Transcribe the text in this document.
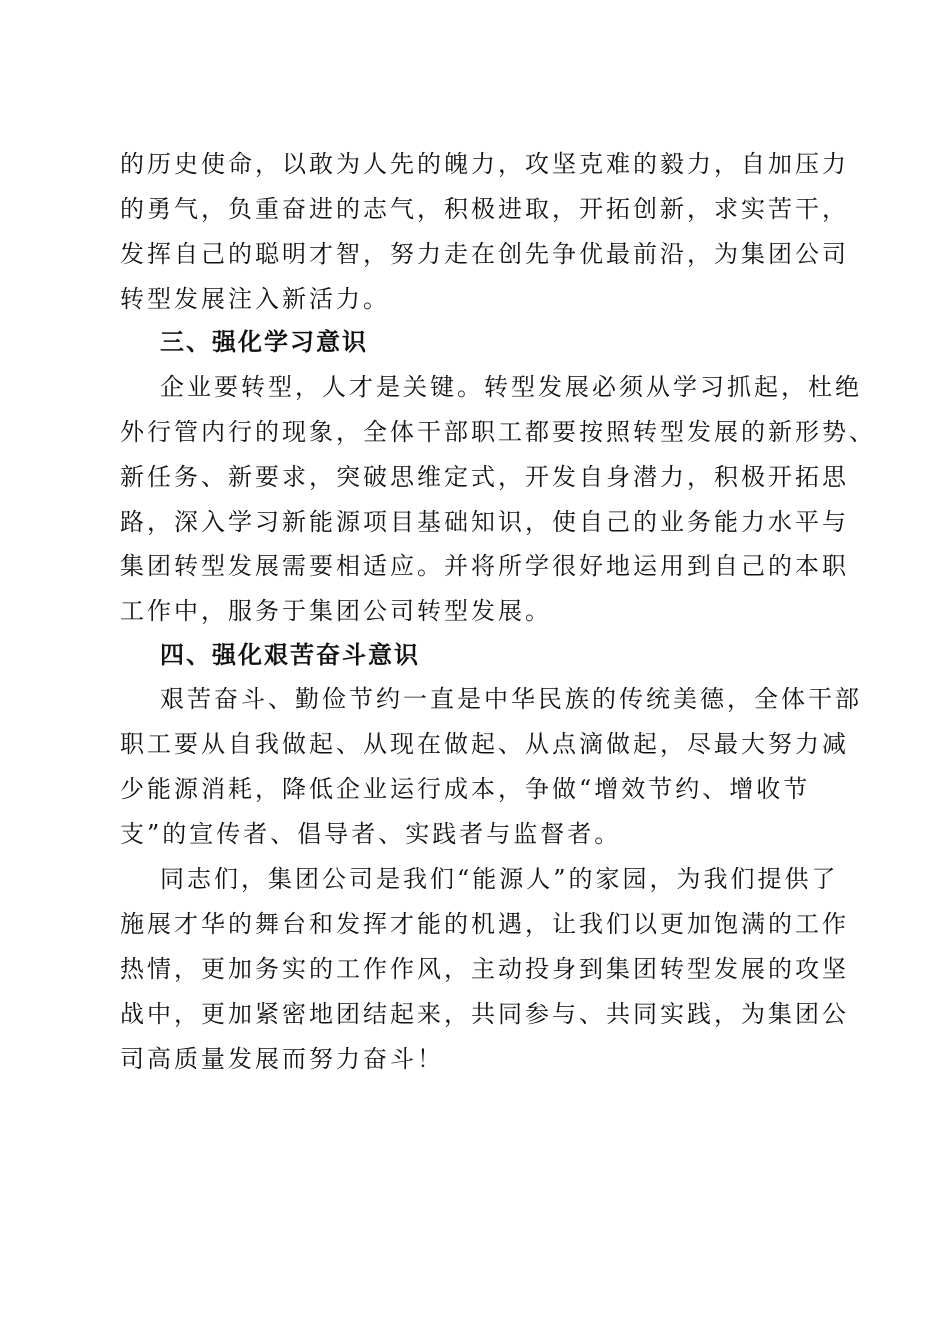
的历史使命，以敢为人先的魄力，攻坚克难的毅力，自加压力
的勇气，负重奋进的志气，积极进取，开拓创新，求实苦干，
发挥自己的聪明才智，努力走在创先争优最前沿，为集团公司
转型发展注入新活力。
三、强化学习意识
企业要转型，人才是关键。转型发展必须从学习抓起，杜绝
外行管内行的现象，全体干部职工都要按照转型发展的新形势、
新任务、新要求，突破思维定式，开发自身潜力，积极开拓思
路，深入学习新能源项目基础知识，使自己的业务能力水平与
集团转型发展需要相适应。并将所学很好地运用到自己的本职
工作中，服务于集团公司转型发展。
四、强化艰苦奋斗意识
艰苦奋斗、勤俭节约一直是中华民族的传统美德，全体干部
职工要从自我做起、从现在做起、从点滴做起，尽最大努力减
少能源消耗，降低企业运行成本，争做“增效节约、增收节
支”的宣传者、倡导者、实践者与监督者。
同志们，集团公司是我们“能源人”的家园，为我们提供了
施展才华的舞台和发挥才能的机遇，让我们以更加饱满的工作
热情，更加务实的工作作风，主动投身到集团转型发展的攻坚
战中，更加紧密地团结起来，共同参与、共同实践，为集团公
司高质量发展而努力奋斗！
